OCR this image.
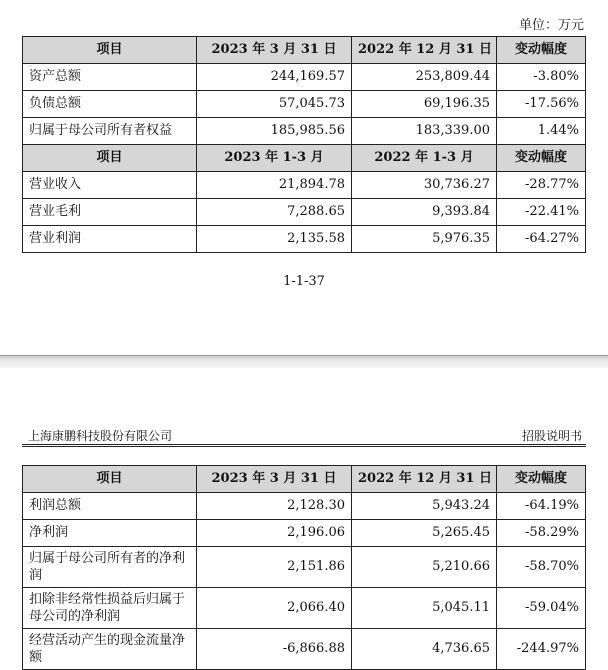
单位：万元
项目	2023 年 3 月 31 日	2022 年 12 月 31 日	变动幅度
资产总额	244,169.57	253,809.44	-3.80%
负债总额	57,045.73	69,196.35	-17.56%
归属于母公司所有者权益	185,985.56	183,339.00	1.44%
项目	2023 年 1-3 月	2022 年 1-3 月	变动幅度
营业收入	21,894.78	30,736.27	-28.77%
营业毛利	7,288.65	9,393.84	-22.41%
营业利润	2,135.58	5,976.35	-64.27%
1-1-37
上海康鹏科技股份有限公司	招股说明书
项目	2023 年 3 月 31 日	2022 年 12 月 31 日	变动幅度
利润总额	2,128.30	5,943.24	-64.19%
净利润	2,196.06	5,265.45	-58.29%
归属于母公司所有者的净利润	2,151.86	5,210.66	-58.70%
扣除非经常性损益后归属于母公司的净利润	2,066.40	5,045.11	-59.04%
经营活动产生的现金流量净额	-6,866.88	4,736.65	-244.97%
